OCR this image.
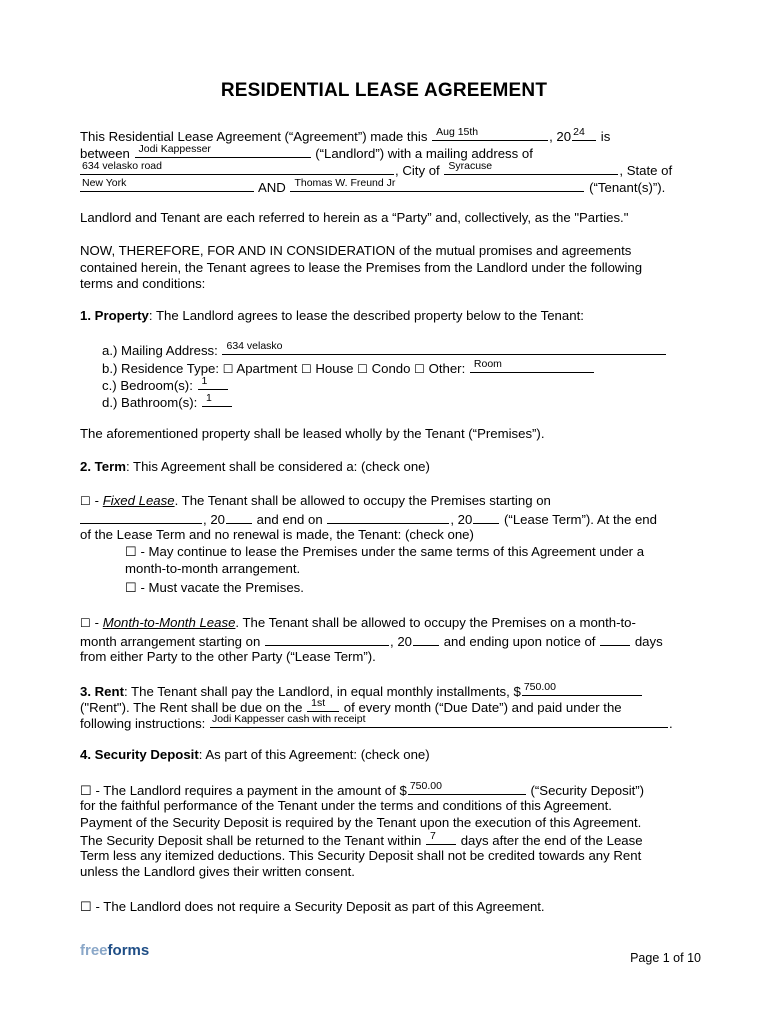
RESIDENTIAL LEASE AGREEMENT
This Residential Lease Agreement (“Agreement”) made this Aug 15th	, 20 24 is
between Jodi Kappesser	(“Landlord”) with a mailing address of
634 velasko road	, City of Syracuse	, State of
New York	AND Thomas W. Freund Jr	(“Tenant(s)”).
Landlord and Tenant are each referred to herein as a “Party” and, collectively, as the "Parties."
NOW, THEREFORE, FOR AND IN CONSIDERATION of the mutual promises and agreements
contained herein, the Tenant agrees to lease the Premises from the Landlord under the following
terms and conditions:
1. Property: The Landlord agrees to lease the described property below to the Tenant:
a.) Mailing Address: 634 velasko
b.) Residence Type: ☐ Apartment ☐ House ☐ Condo ☐ Other: Room
c.) Bedroom(s): 1
d.) Bathroom(s): 1
The aforementioned property shall be leased wholly by the Tenant (“Premises”).
2. Term: This Agreement shall be considered a: (check one)
☐ - Fixed Lease. The Tenant shall be allowed to occupy the Premises starting on
, 20 and end on	, 20 (“Lease Term”). At the end
of the Lease Term and no renewal is made, the Tenant: (check one)
☐ - May continue to lease the Premises under the same terms of this Agreement under a
month-to-month arrangement.
☐ - Must vacate the Premises.
☐ - Month-to-Month Lease. The Tenant shall be allowed to occupy the Premises on a month-to-
month arrangement starting on	, 20 and ending upon notice of	days
from either Party to the other Party (“Lease Term”).
3. Rent: The Tenant shall pay the Landlord, in equal monthly installments, $ 750.00
("Rent"). The Rent shall be due on the 1st of every month (“Due Date”) and paid under the
following instructions: Jodi Kappesser cash with receipt	.
4. Security Deposit: As part of this Agreement: (check one)
☐ - The Landlord requires a payment in the amount of $ 750.00	(“Security Deposit”)
for the faithful performance of the Tenant under the terms and conditions of this Agreement.
Payment of the Security Deposit is required by the Tenant upon the execution of this Agreement.
The Security Deposit shall be returned to the Tenant within 7 days after the end of the Lease
Term less any itemized deductions. This Security Deposit shall not be credited towards any Rent
unless the Landlord gives their written consent.
☐ - The Landlord does not require a Security Deposit as part of this Agreement.
freeforms	Page 1 of 10
